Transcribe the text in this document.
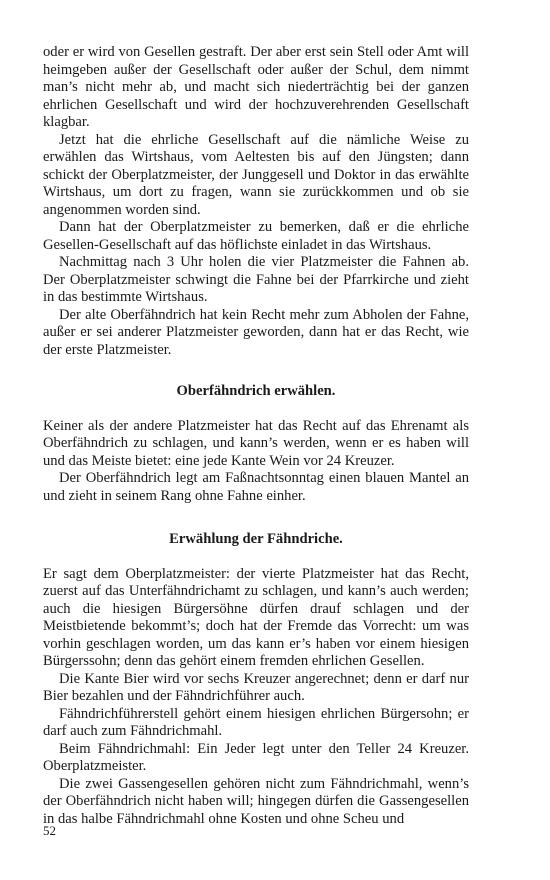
oder er wird von Gesellen gestraft. Der aber erst sein Stell oder Amt will heimgeben außer der Gesellschaft oder außer der Schul, dem nimmt man’s nicht mehr ab, und macht sich niederträchtig bei der ganzen ehrlichen Gesellschaft und wird der hochzuverehrenden Gesellschaft klagbar.

Jetzt hat die ehrliche Gesellschaft auf die nämliche Weise zu erwählen das Wirtshaus, vom Aeltesten bis auf den Jüngsten; dann schickt der Oberplatzmeister, der Junggesell und Doktor in das erwählte Wirtshaus, um dort zu fragen, wann sie zurückkommen und ob sie angenommen worden sind.

Dann hat der Oberplatzmeister zu bemerken, daß er die ehrliche Gesellen-Gesellschaft auf das höflichste einladet in das Wirtshaus.

Nachmittag nach 3 Uhr holen die vier Platzmeister die Fahnen ab. Der Oberplatzmeister schwingt die Fahne bei der Pfarrkirche und zieht in das bestimmte Wirtshaus.

Der alte Oberfähndrich hat kein Recht mehr zum Abholen der Fahne, außer er sei anderer Platzmeister geworden, dann hat er das Recht, wie der erste Platzmeister.

Oberfähndrich erwählen.

Keiner als der andere Platzmeister hat das Recht auf das Ehrenamt als Oberfähndrich zu schlagen, und kann’s werden, wenn er es haben will und das Meiste bietet: eine jede Kante Wein vor 24 Kreuzer.

Der Oberfähndrich legt am Faßnachtsonntag einen blauen Mantel an und zieht in seinem Rang ohne Fahne einher.

Erwählung der Fähndriche.

Er sagt dem Oberplatzmeister: der vierte Platzmeister hat das Recht, zuerst auf das Unterfähndrichamt zu schlagen, und kann’s auch werden; auch die hiesigen Bürgersöhne dürfen drauf schlagen und der Meistbietende bekommt’s; doch hat der Fremde das Vorrecht: um was vorhin geschlagen worden, um das kann er’s haben vor einem hiesigen Bürgerssohn; denn das gehört einem fremden ehrlichen Gesellen.

Die Kante Bier wird vor sechs Kreuzer angerechnet; denn er darf nur Bier bezahlen und der Fähndrichführer auch.

Fähndrichführerstell gehört einem hiesigen ehrlichen Bürgersohn; er darf auch zum Fähndrichmahl.

Beim Fähndrichmahl: Ein Jeder legt unter den Teller 24 Kreuzer. Oberplatzmeister.

Die zwei Gassengesellen gehören nicht zum Fähndrichmahl, wenn’s der Oberfähndrich nicht haben will; hingegen dürfen die Gassengesellen in das halbe Fähndrichmahl ohne Kosten und ohne Scheu und

52
